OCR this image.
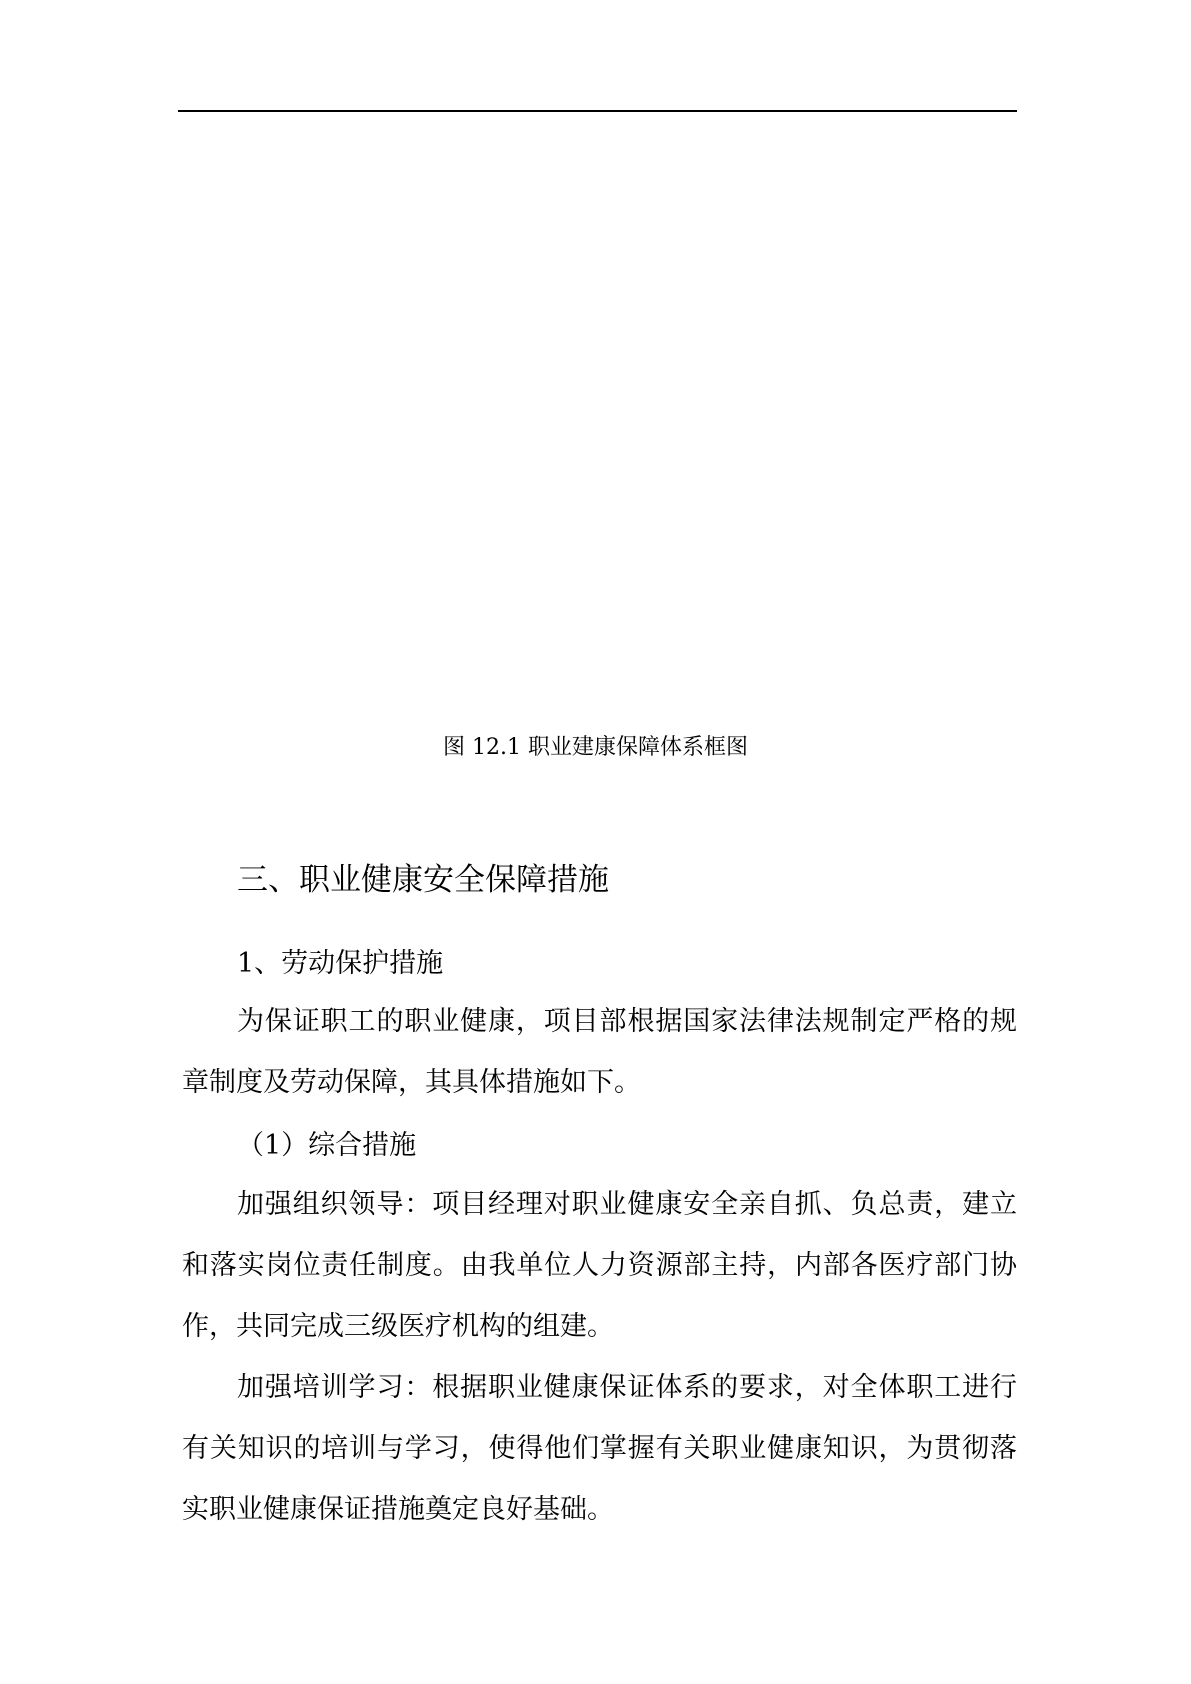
图 12.1 职业建康保障体系框图
三、职业健康安全保障措施
1、劳动保护措施
为保证职工的职业健康，项目部根据国家法律法规制定严格的规
章制度及劳动保障，其具体措施如下。
（1）综合措施
加强组织领导：项目经理对职业健康安全亲自抓、负总责，建立
和落实岗位责任制度。由我单位人力资源部主持，内部各医疗部门协
作，共同完成三级医疗机构的组建。
加强培训学习：根据职业健康保证体系的要求，对全体职工进行
有关知识的培训与学习，使得他们掌握有关职业健康知识，为贯彻落
实职业健康保证措施奠定良好基础。
